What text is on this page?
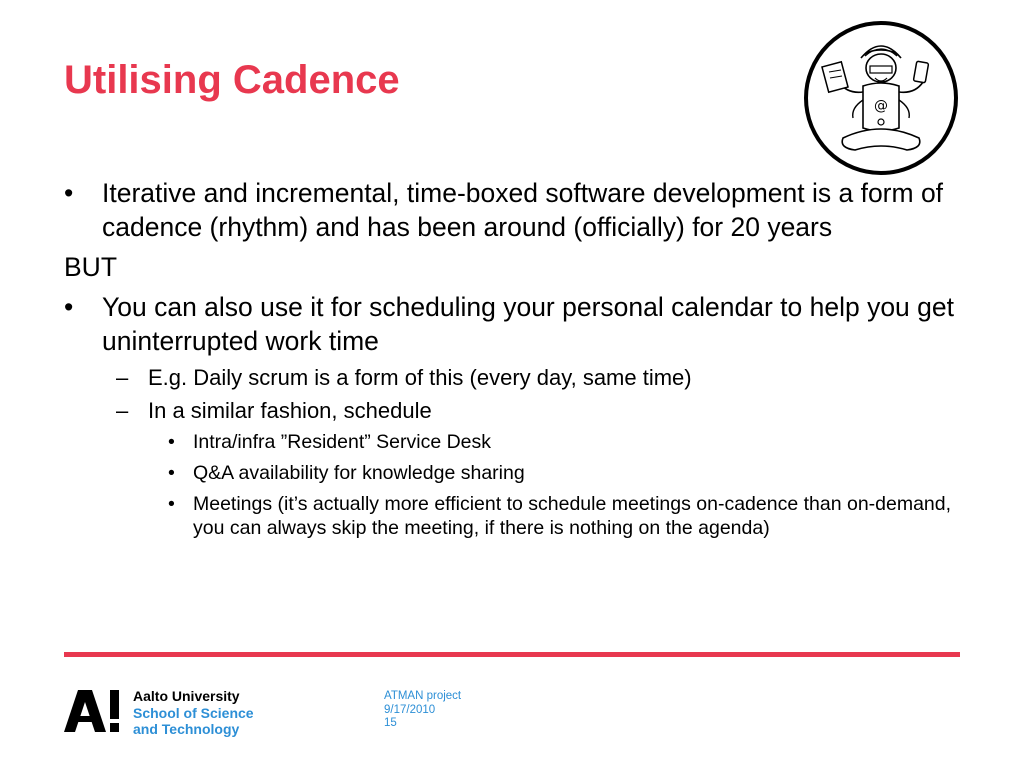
Utilising Cadence
@

•	Iterative and incremental, time-boxed software development is a form of cadence (rhythm) and has been around (officially) for 20 years

BUT

•	You can also use it for scheduling your personal calendar to help you get uninterrupted work time

– E.g. Daily scrum is a form of this (every day, same time)

– In a similar fashion, schedule

• Intra/infra ”Resident” Service Desk

• Q&A availability for knowledge sharing

• Meetings (it’s actually more efficient to schedule meetings on-cadence than on-demand, you can always skip the meeting, if there is nothing on the agenda)

Aalto University
School of Science
and Technology
ATMAN project
9/17/2010
15
